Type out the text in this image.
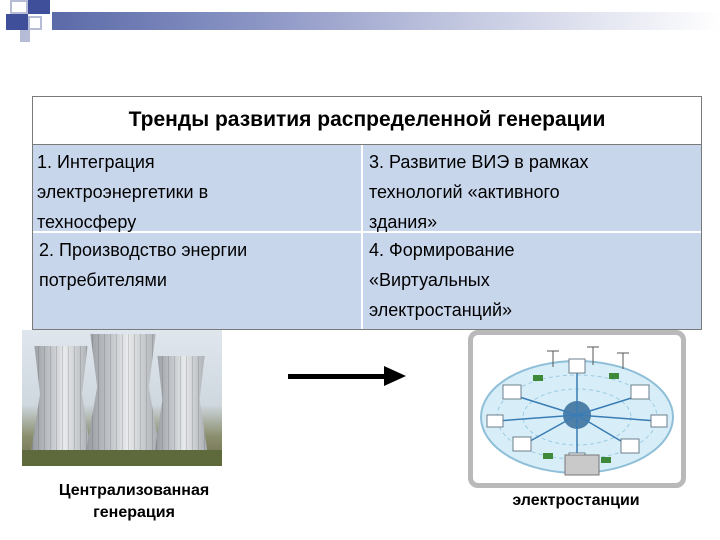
Тренды развития распределенной генерации
1. Интеграция
электроэнергетики в
техносферу
3. Развитие ВИЭ в рамках
технологий «активного
здания»
2. Производство энергии
потребителями
4. Формирование
«Виртуальных
электростанций»

Централизованная
генерация

электростанции
